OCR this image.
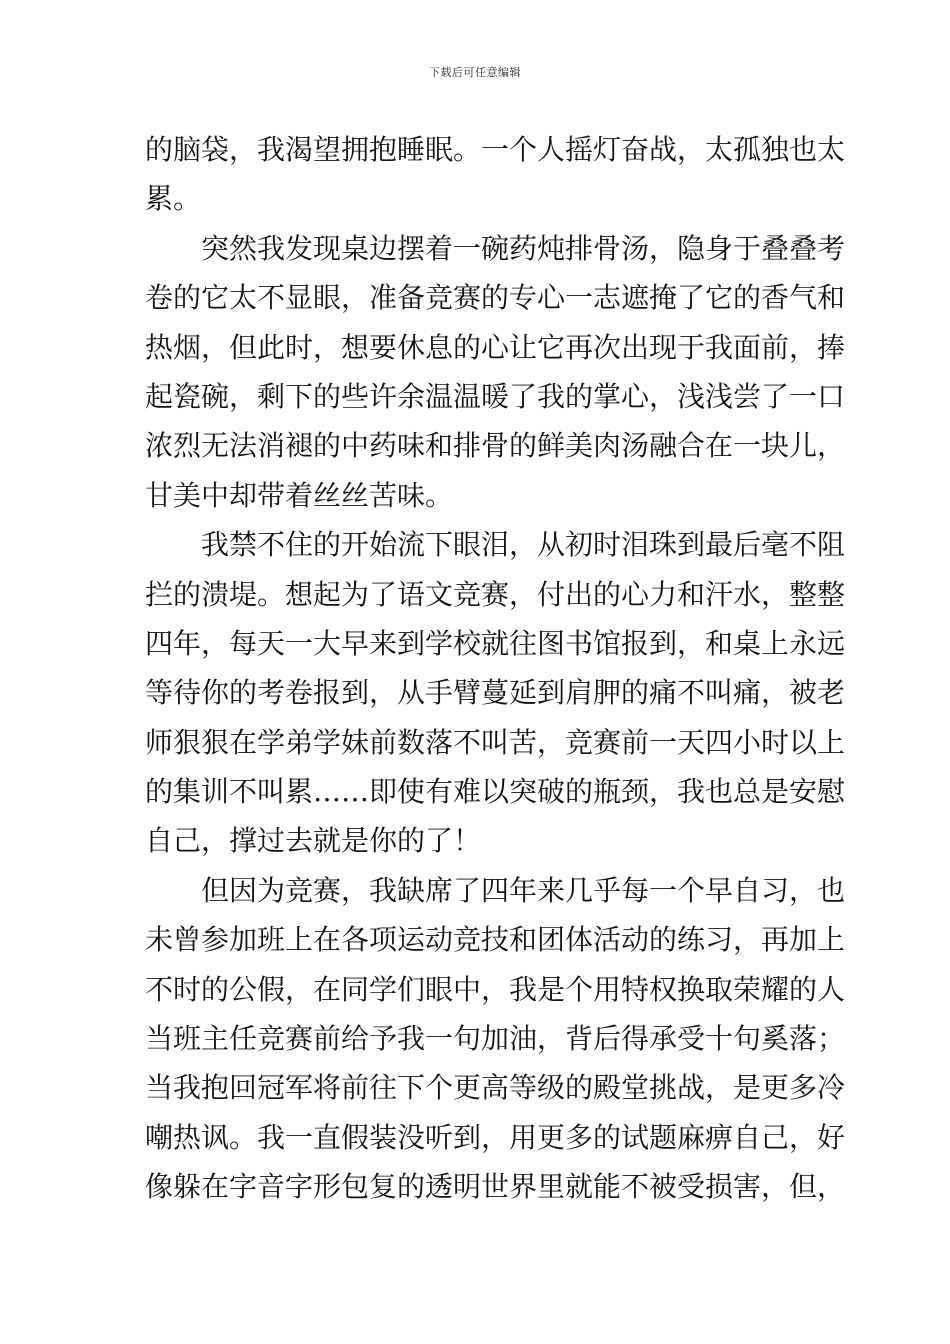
下载后可任意编辑
的脑袋，我渴望拥抱睡眠。一个人摇灯奋战，太孤独也太
累。
突然我发现桌边摆着一碗药炖排骨汤，隐身于叠叠考
卷的它太不显眼，准备竞赛的专心一志遮掩了它的香气和
热烟，但此时，想要休息的心让它再次出现于我面前，捧
起瓷碗，剩下的些许余温温暖了我的掌心，浅浅尝了一口
浓烈无法消褪的中药味和排骨的鲜美肉汤融合在一块儿，
甘美中却带着丝丝苦味。
我禁不住的开始流下眼泪，从初时泪珠到最后毫不阻
拦的溃堤。想起为了语文竞赛，付出的心力和汗水，整整
四年，每天一大早来到学校就往图书馆报到，和桌上永远
等待你的考卷报到，从手臂蔓延到肩胛的痛不叫痛，被老
师狠狠在学弟学妹前数落不叫苦，竞赛前一天四小时以上
的集训不叫累……即使有难以突破的瓶颈，我也总是安慰
自己，撑过去就是你的了！
但因为竞赛，我缺席了四年来几乎每一个早自习，也
未曾参加班上在各项运动竞技和团体活动的练习，再加上
不时的公假，在同学们眼中，我是个用特权换取荣耀的人
当班主任竞赛前给予我一句加油，背后得承受十句奚落；
当我抱回冠军将前往下个更高等级的殿堂挑战，是更多冷
嘲热讽。我一直假装没听到，用更多的试题麻痹自己，好
像躲在字音字形包复的透明世界里就能不被受损害，但，
